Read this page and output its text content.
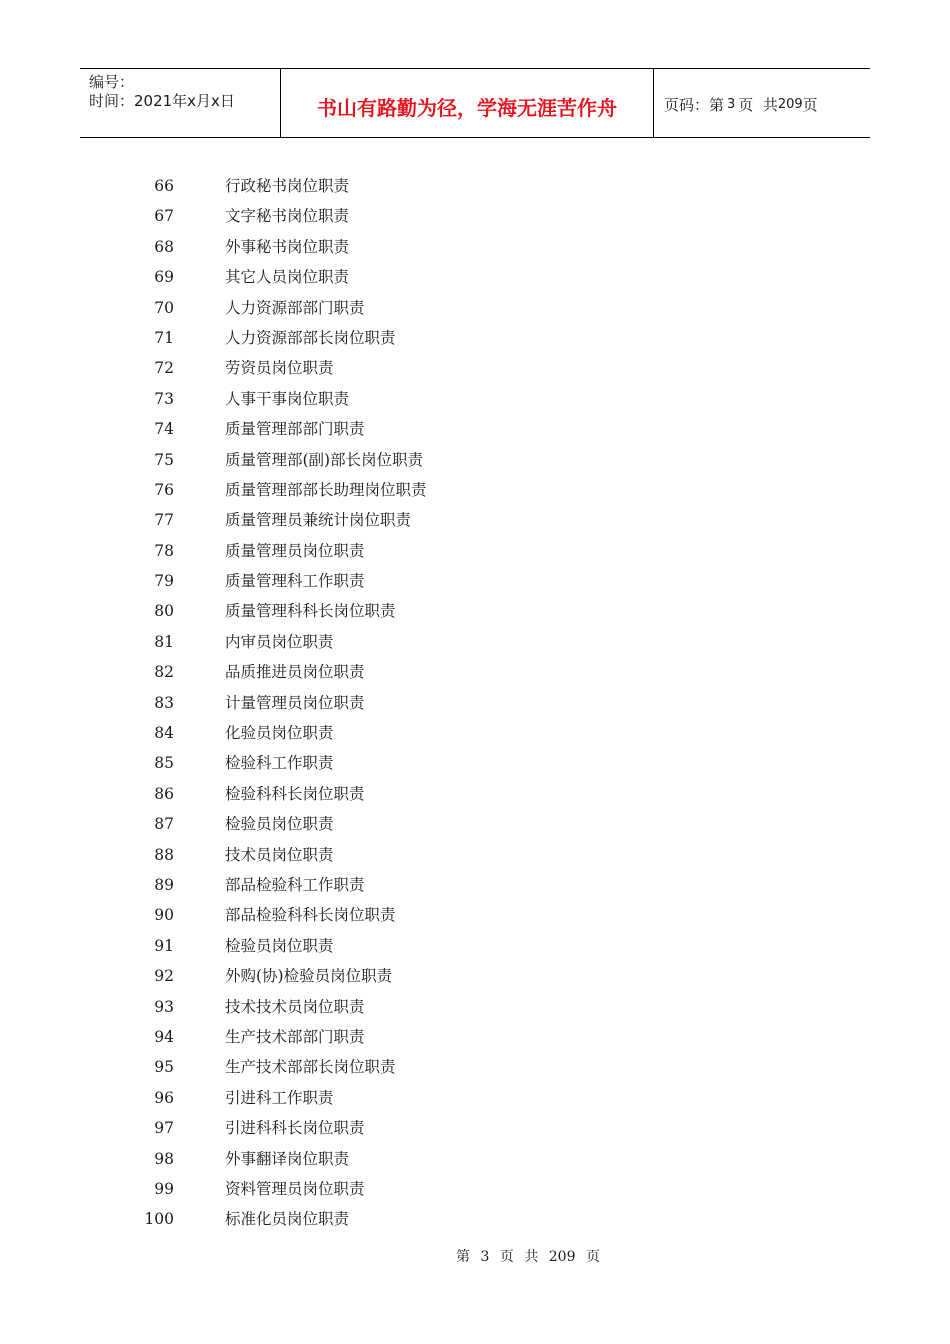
编号：
时间：2021年x月x日	书山有路勤为径，学海无涯苦作舟	页码：第 3 页  共 209 页
66	行政秘书岗位职责
67	文字秘书岗位职责
68	外事秘书岗位职责
69	其它人员岗位职责
70	人力资源部部门职责
71	人力资源部部长岗位职责
72	劳资员岗位职责
73	人事干事岗位职责
74	质量管理部部门职责
75	质量管理部(副)部长岗位职责
76	质量管理部部长助理岗位职责
77	质量管理员兼统计岗位职责
78	质量管理员岗位职责
79	质量管理科工作职责
80	质量管理科科长岗位职责
81	内审员岗位职责
82	品质推进员岗位职责
83	计量管理员岗位职责
84	化验员岗位职责
85	检验科工作职责
86	检验科科长岗位职责
87	检验员岗位职责
88	技术员岗位职责
89	部品检验科工作职责
90	部品检验科科长岗位职责
91	检验员岗位职责
92	外购(协)检验员岗位职责
93	技术技术员岗位职责
94	生产技术部部门职责
95	生产技术部部长岗位职责
96	引进科工作职责
97	引进科科长岗位职责
98	外事翻译岗位职责
99	资料管理员岗位职责
100	标准化员岗位职责
第 3 页 共 209 页
